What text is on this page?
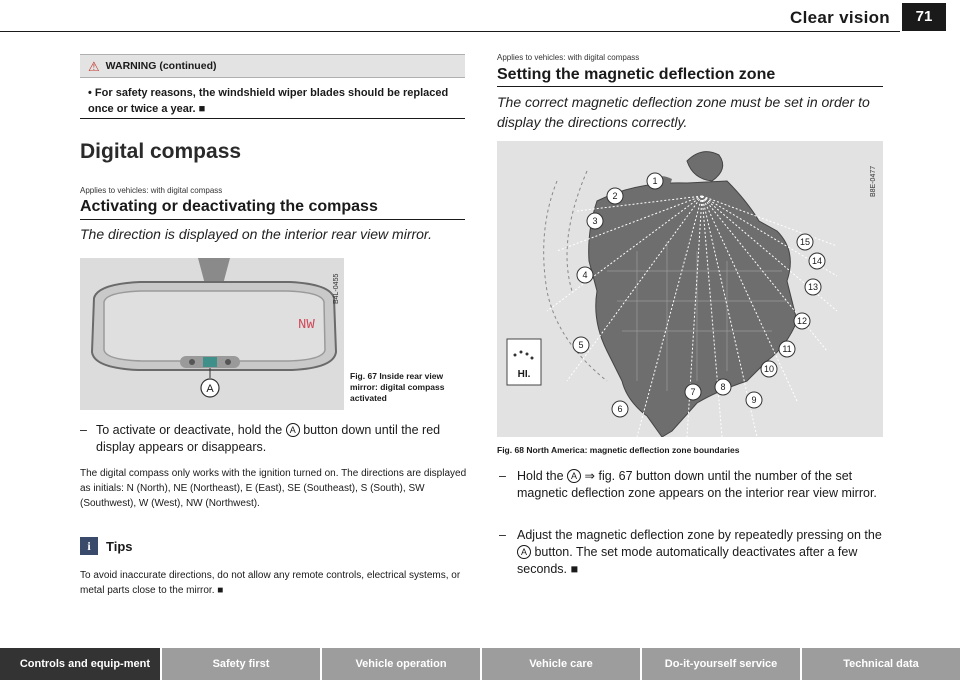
Clear vision	71
⚠ WARNING (continued)
• For safety reasons, the windshield wiper blades should be replaced once or twice a year. ■
Digital compass
Applies to vehicles: with digital compass
Activating or deactivating the compass
The direction is displayed on the interior rear view mirror.
NW
A
B4L-0455
Fig. 67 Inside rear view mirror: digital compass activated
– To activate or deactivate, hold the A button down until the red display appears or disappears.
The digital compass only works with the ignition turned on. The directions are displayed as initials: N (North), NE (Northeast), E (East), SE (Southeast), S (South), SW (Southwest), W (West), NW (Northwest).
i	Tips
To avoid inaccurate directions, do not allow any remote controls, electrical systems, or metal parts close to the mirror. ■
Applies to vehicles: with digital compass
Setting the magnetic deflection zone
The correct magnetic deflection zone must be set in order to display the directions correctly.
HI.
1
2
3
4
5
6
7	8
9
10
11
12
13
14
15
B8E-0477
Fig. 68 North America: magnetic deflection zone boundaries
– Hold the A ⇒ fig. 67 button down until the number of the set magnetic deflection zone appears on the interior rear view mirror.
– Adjust the magnetic deflection zone by repeatedly pressing on the A button. The set mode automatically deactivates after a few seconds. ■
Controls and equip-ment	Safety first	Vehicle operation	Vehicle care	Do-it-yourself service	Technical data
